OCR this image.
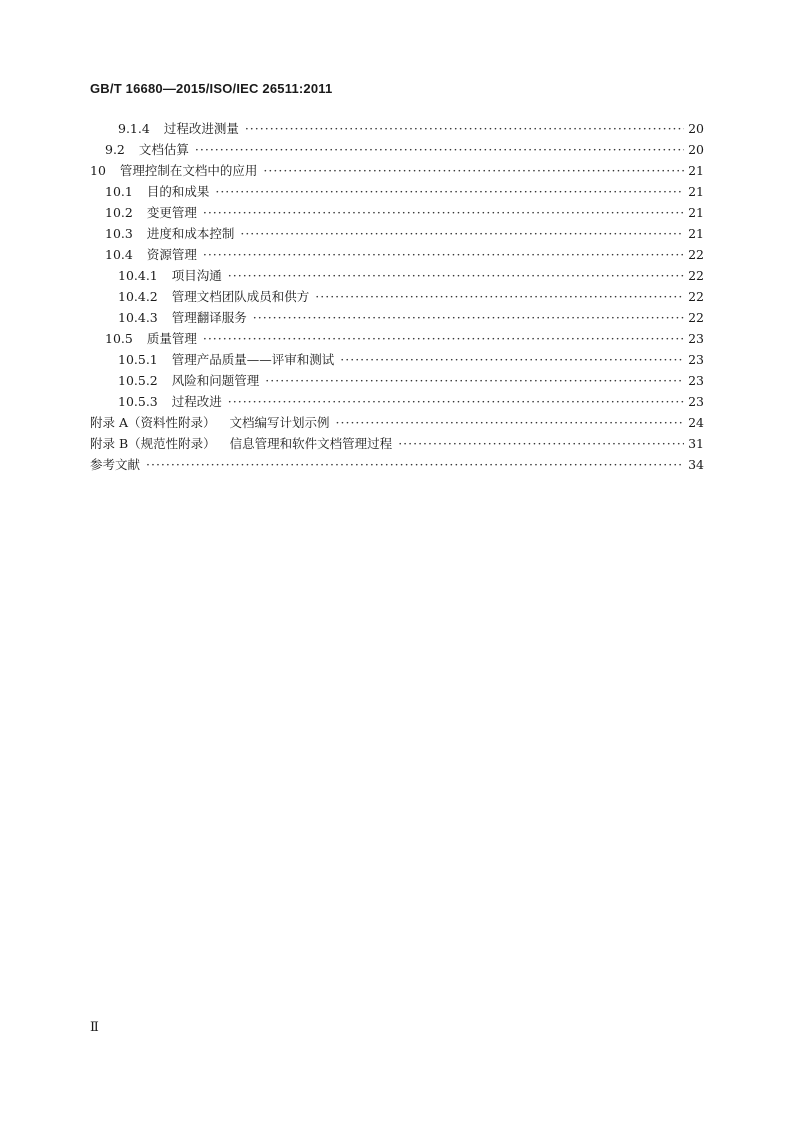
GB/T 16680—2015/ISO/IEC 26511:2011
9.1.4 过程改进测量 ·····	20
9.2 文档估算 ·····	20
10 管理控制在文档中的应用 ·····	21
10.1 目的和成果 ·····	21
10.2 变更管理 ·····	21
10.3 进度和成本控制 ·····	21
10.4 资源管理 ·····	22
10.4.1 项目沟通 ·····	22
10.4.2 管理文档团队成员和供方 ·····	22
10.4.3 管理翻译服务 ·····	22
10.5 质量管理 ·····	23
10.5.1 管理产品质量——评审和测试 ·····	23
10.5.2 风险和问题管理 ·····	23
10.5.3 过程改进 ·····	23
附录 A（资料性附录） 文档编写计划示例 ·····	24
附录 B（规范性附录） 信息管理和软件文档管理过程 ·····	31
参考文献 ·····	34
Ⅱ
